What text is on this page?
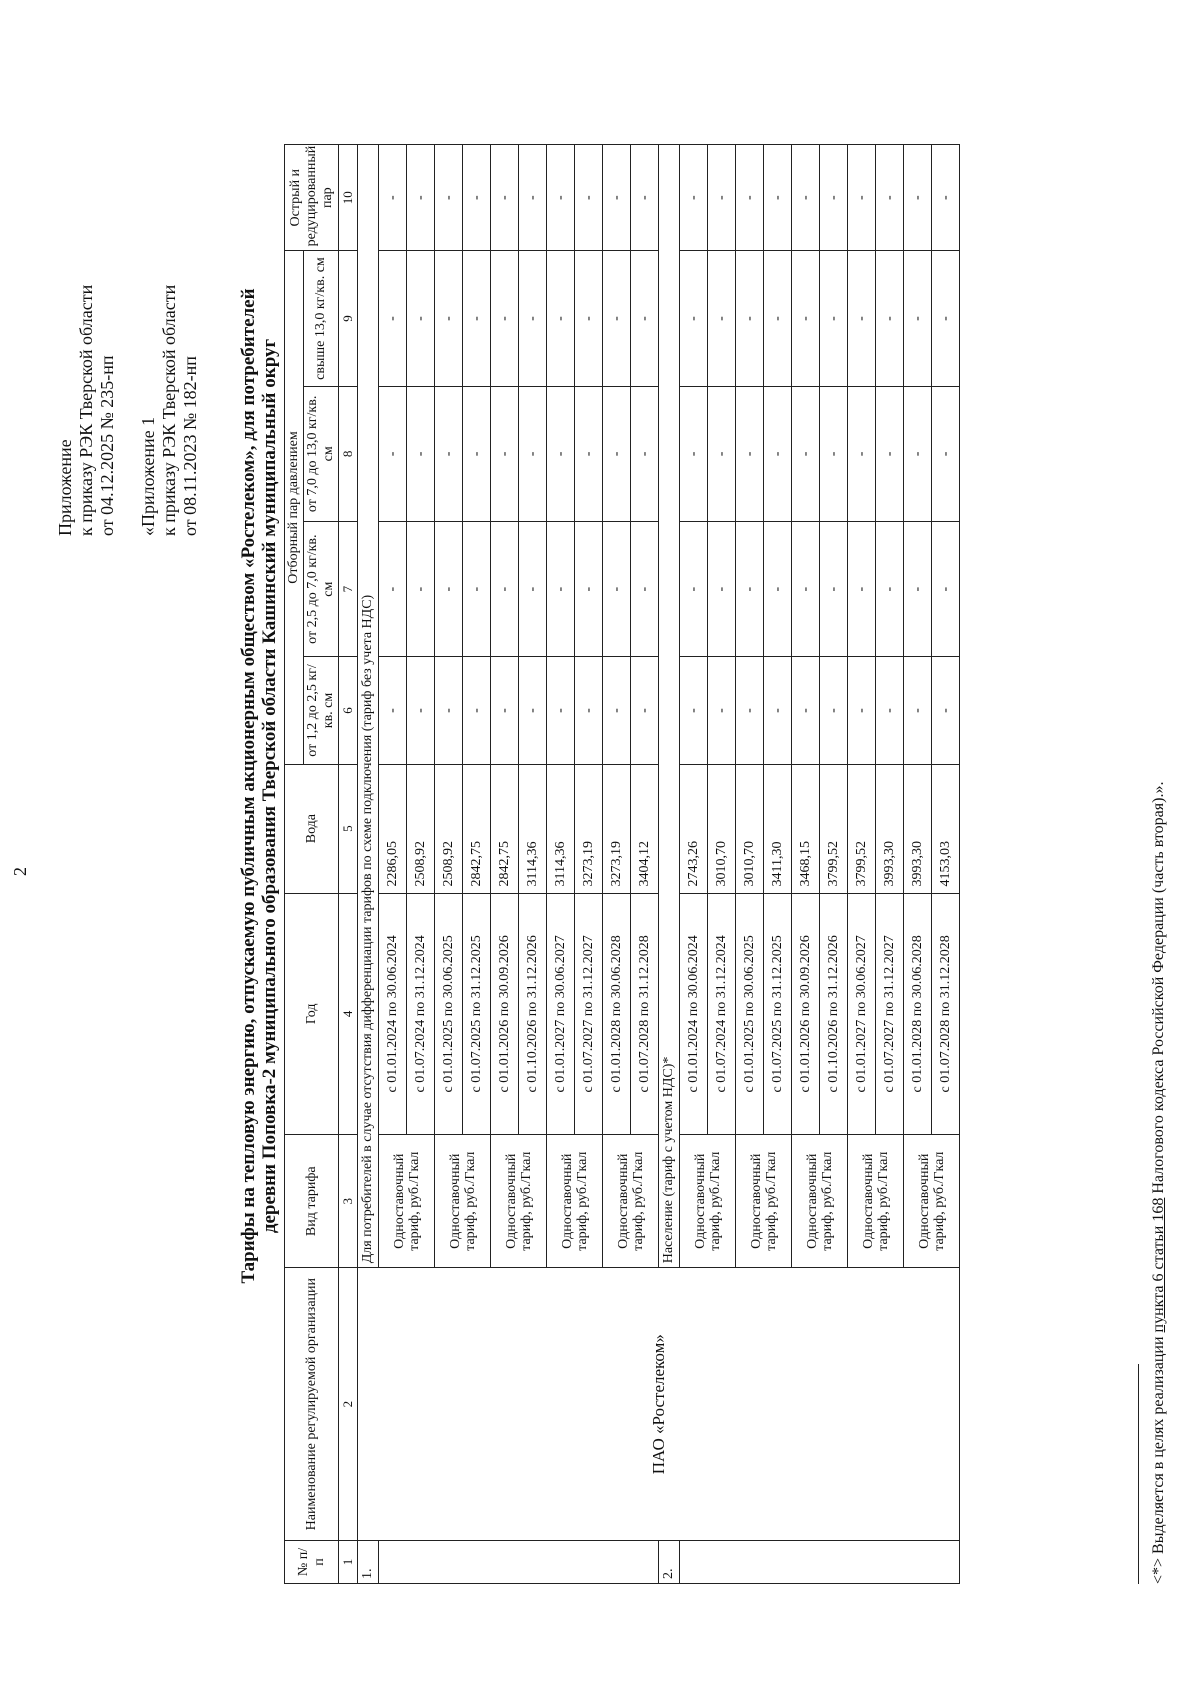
2
Приложение к приказу РЭК Тверской области от 04.12.2025 № 235-нп «Приложение 1 к приказу РЭК Тверской области от 08.11.2023 № 182-нп Тарифы на тепловую энергию, отпускаемую публичным акционерным обществом «Ростелеком», для потребителей деревни Поповка-2 муниципального образования Тверской области Кашинский муниципальный округ
№ п/п	Наименование регулируемой организации	Вид тарифа	Год	Вода	Отборный пар давлением				Острый и редуцированный пар
					от 1,2 до 2,5 кг/кв. см	от 2,5 до 7,0 кг/кв. см	от 7,0 до 13,0 кг/кв. см	свыше 13,0 кг/кв. см	
1	2	3	4	5	6	7	8	9	10
1.	ПАО «Ростелеком»	Для потребителей в случае отсутствия дифференциации тарифов по схеме подключения (тариф без учета НДС)							
		Одноставочный тариф, руб./Гкал	с 01.01.2024 по 30.06.2024	2286,05	-	-	-	-	-
			с 01.07.2024 по 31.12.2024	2508,92	-	-	-	-	-
		Одноставочный тариф, руб./Гкал	с 01.01.2025 по 30.06.2025	2508,92	-	-	-	-	-
			с 01.07.2025 по 31.12.2025	2842,75	-	-	-	-	-
		Одноставочный тариф, руб./Гкал	с 01.01.2026 по 30.09.2026	2842,75	-	-	-	-	-
			с 01.10.2026 по 31.12.2026	3114,36	-	-	-	-	-
		Одноставочный тариф, руб./Гкал	с 01.01.2027 по 30.06.2027	3114,36	-	-	-	-	-
			с 01.07.2027 по 31.12.2027	3273,19	-	-	-	-	-
		Одноставочный тариф, руб./Гкал	с 01.01.2028 по 30.06.2028	3273,19	-	-	-	-	-
			с 01.07.2028 по 31.12.2028	3404,12	-	-	-	-	-
2.		Население (тариф с учетом НДС)*							
		Одноставочный тариф, руб./Гкал	с 01.01.2024 по 30.06.2024	2743,26	-	-	-	-	-
			с 01.07.2024 по 31.12.2024	3010,70	-	-	-	-	-
		Одноставочный тариф, руб./Гкал	с 01.01.2025 по 30.06.2025	3010,70	-	-	-	-	-
			с 01.07.2025 по 31.12.2025	3411,30	-	-	-	-	-
		Одноставочный тариф, руб./Гкал	с 01.01.2026 по 30.09.2026	3468,15	-	-	-	-	-
			с 01.10.2026 по 31.12.2026	3799,52	-	-	-	-	-
		Одноставочный тариф, руб./Гкал	с 01.01.2027 по 30.06.2027	3799,52	-	-	-	-	-
			с 01.07.2027 по 31.12.2027	3993,30	-	-	-	-	-
		Одноставочный тариф, руб./Гкал	с 01.01.2028 по 30.06.2028	3993,30	-	-	-	-	-
			с 01.07.2028 по 31.12.2028	4153,03	-	-	-	-	-
<*> Выделяется в целях реализации пункта 6 статьи 168 Налогового кодекса Российской Федерации (часть вторая).».
